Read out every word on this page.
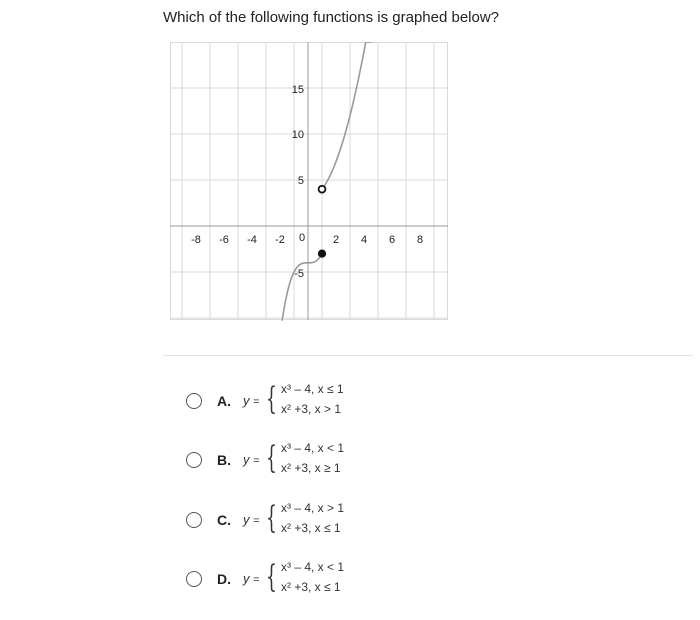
Which of the following functions is graphed below?
-8 -6 -4 -2 0	2 4 6 8
15
10
5
-5
A. y = { x³ – 4, x ≤ 1
x² +3, x > 1
B. y = { x³ – 4, x < 1
x² +3, x ≥ 1
C. y = { x³ – 4, x > 1
x² +3, x ≤ 1
D. y = { x³ – 4, x < 1
x² +3, x ≤ 1
